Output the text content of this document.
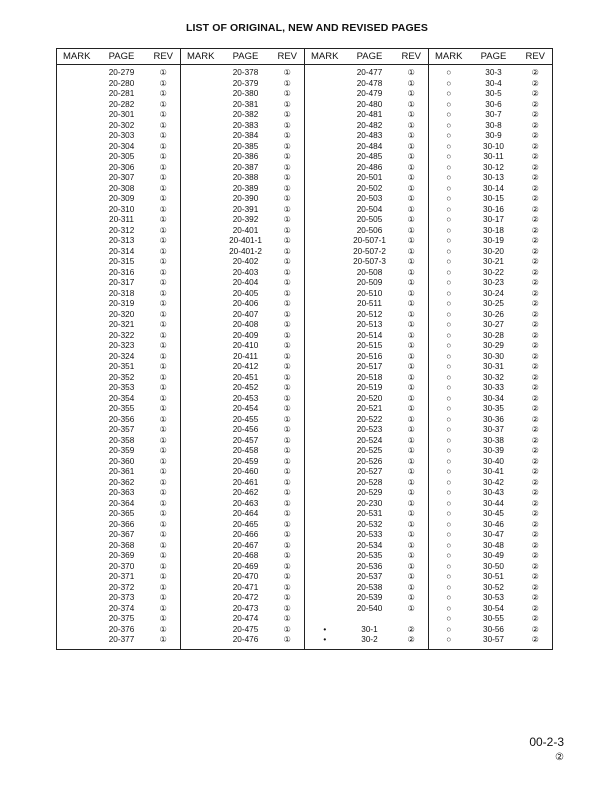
LIST OF ORIGINAL, NEW AND REVISED PAGES
MARK	PAGE	REV	MARK	PAGE	REV	MARK	PAGE	REV	MARK	PAGE	REV
	20-279	①		20-378	①		20-477	①	○	30-3	②
	20-280	①		20-379	①		20-478	①	○	30-4	②
	20-281	①		20-380	①		20-479	①	○	30-5	②
	20-282	①		20-381	①		20-480	①	○	30-6	②
	20-301	①		20-382	①		20-481	①	○	30-7	②
	20-302	①		20-383	①		20-482	①	○	30-8	②
	20-303	①		20-384	①		20-483	①	○	30-9	②
	20-304	①		20-385	①		20-484	①	○	30-10	②
	20-305	①		20-386	①		20-485	①	○	30-11	②
	20-306	①		20-387	①		20-486	①	○	30-12	②
	20-307	①		20-388	①		20-501	①	○	30-13	②
	20-308	①		20-389	①		20-502	①	○	30-14	②
	20-309	①		20-390	①		20-503	①	○	30-15	②
	20-310	①		20-391	①		20-504	①	○	30-16	②
	20-311	①		20-392	①		20-505	①	○	30-17	②
	20-312	①		20-401	①		20-506	①	○	30-18	②
	20-313	①		20-401-1	①		20-507-1	①	○	30-19	②
	20-314	①		20-401-2	①		20-507-2	①	○	30-20	②
	20-315	①		20-402	①		20-507-3	①	○	30-21	②
	20-316	①		20-403	①		20-508	①	○	30-22	②
	20-317	①		20-404	①		20-509	①	○	30-23	②
	20-318	①		20-405	①		20-510	①	○	30-24	②
	20-319	①		20-406	①		20-511	①	○	30-25	②
	20-320	①		20-407	①		20-512	①	○	30-26	②
	20-321	①		20-408	①		20-513	①	○	30-27	②
	20-322	①		20-409	①		20-514	①	○	30-28	②
	20-323	①		20-410	①		20-515	①	○	30-29	②
	20-324	①		20-411	①		20-516	①	○	30-30	②
	20-351	①		20-412	①		20-517	①	○	30-31	②
	20-352	①		20-451	①		20-518	①	○	30-32	②
	20-353	①		20-452	①		20-519	①	○	30-33	②
	20-354	①		20-453	①		20-520	①	○	30-34	②
	20-355	①		20-454	①		20-521	①	○	30-35	②
	20-356	①		20-455	①		20-522	①	○	30-36	②
	20-357	①		20-456	①		20-523	①	○	30-37	②
	20-358	①		20-457	①		20-524	①	○	30-38	②
	20-359	①		20-458	①		20-525	①	○	30-39	②
	20-360	①		20-459	①		20-526	①	○	30-40	②
	20-361	①		20-460	①		20-527	①	○	30-41	②
	20-362	①		20-461	①		20-528	①	○	30-42	②
	20-363	①		20-462	①		20-529	①	○	30-43	②
	20-364	①		20-463	①		20-230	①	○	30-44	②
	20-365	①		20-464	①		20-531	①	○	30-45	②
	20-366	①		20-465	①		20-532	①	○	30-46	②
	20-367	①		20-466	①		20-533	①	○	30-47	②
	20-368	①		20-467	①		20-534	①	○	30-48	②
	20-369	①		20-468	①		20-535	①	○	30-49	②
	20-370	①		20-469	①		20-536	①	○	30-50	②
	20-371	①		20-470	①		20-537	①	○	30-51	②
	20-372	①		20-471	①		20-538	①	○	30-52	②
	20-373	①		20-472	①		20-539	①	○	30-53	②
	20-374	①		20-473	①		20-540	①	○	30-54	②
	20-375	①		20-474	①				○	30-55	②
	20-376	①		20-475	①	•	30-1	②	○	30-56	②
	20-377	①		20-476	①	•	30-2	②	○	30-57	②
00-2-3
②
